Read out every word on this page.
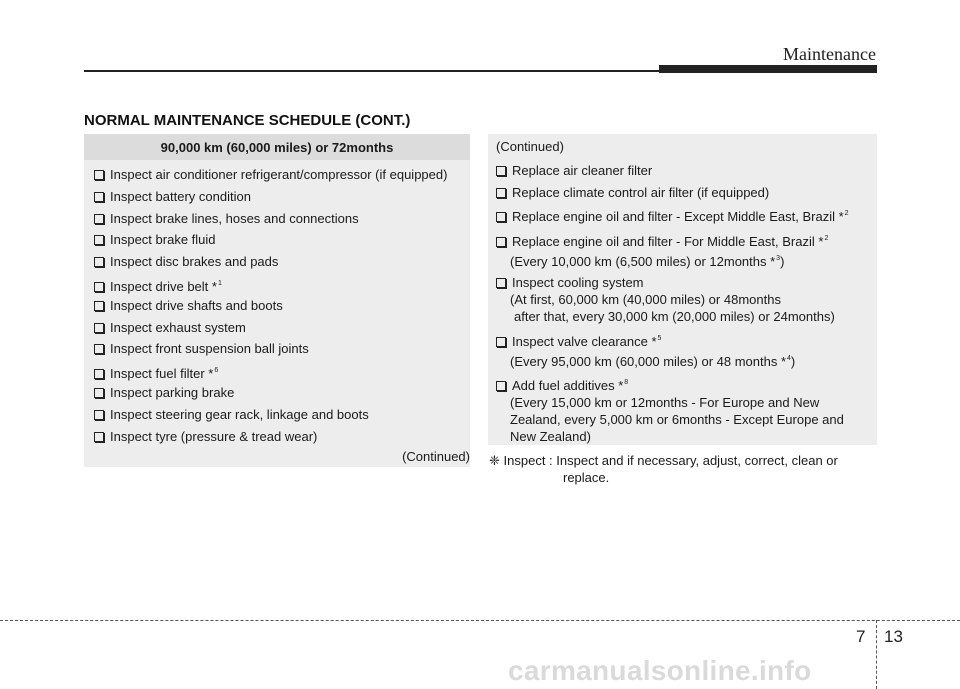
Maintenance
NORMAL MAINTENANCE SCHEDULE (CONT.)
90,000 km (60,000 miles) or 72months
Inspect air conditioner refrigerant/compressor (if equipped)
Inspect battery condition
Inspect brake lines, hoses and connections
Inspect brake fluid
Inspect disc brakes and pads
Inspect drive belt *$^1$
Inspect drive shafts and boots
Inspect exhaust system
Inspect front suspension ball joints
Inspect fuel filter *$^6$
Inspect parking brake
Inspect steering gear rack, linkage and boots
Inspect tyre (pressure & tread wear)
(Continued)
(Continued)
Replace air cleaner filter
Replace climate control air filter (if equipped)
Replace engine oil and filter - Except Middle East, Brazil *$^2$
Replace engine oil and filter - For Middle East, Brazil *$^2$
(Every 10,000 km (6,500 miles) or 12months *$^3$)
Inspect cooling system
(At first, 60,000 km (40,000 miles) or 48months
after that, every 30,000 km (20,000 miles) or 24months)
Inspect valve clearance *$^5$
(Every 95,000 km (60,000 miles) or 48 months *$^4$)
Add fuel additives *$^8$
(Every 15,000 km or 12months - For Europe and New Zealand, every 5,000 km or 6months - Except Europe and New Zealand)
❈ Inspect : Inspect and if necessary, adjust, correct, clean or
replace.
7 13
carmanualsonline.info
